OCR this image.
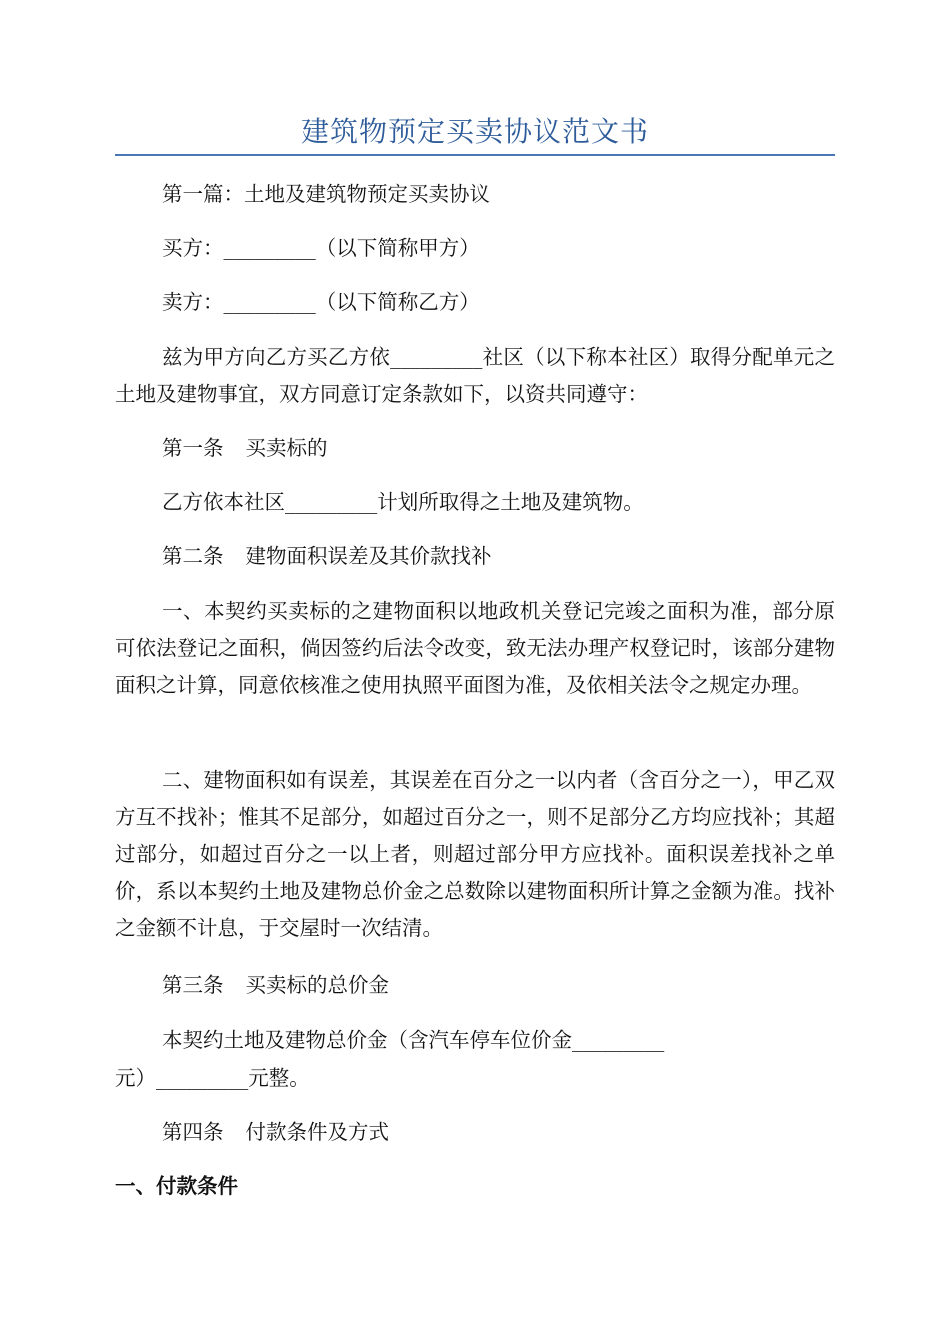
建筑物预定买卖协议范文书

第一篇：土地及建筑物预定买卖协议

买方：_________（以下简称甲方）

卖方：_________（以下简称乙方）

兹为甲方向乙方买乙方依_________社区（以下称本社区）取得分配单元之土地及建物事宜，双方同意订定条款如下，以资共同遵守：

第一条 买卖标的

乙方依本社区_________计划所取得之土地及建筑物。

第二条 建物面积误差及其价款找补

一、本契约买卖标的之建物面积以地政机关登记完竣之面积为准，部分原可依法登记之面积，倘因签约后法令改变，致无法办理产权登记时，该部分建物面积之计算，同意依核准之使用执照平面图为准，及依相关法令之规定办理。

二、建物面积如有误差，其误差在百分之一以内者（含百分之一），甲乙双方互不找补；惟其不足部分，如超过百分之一，则不足部分乙方均应找补；其超过部分，如超过百分之一以上者，则超过部分甲方应找补。面积误差找补之单价，系以本契约土地及建物总价金之总数除以建物面积所计算之金额为准。找补之金额不计息，于交屋时一次结清。

第三条 买卖标的总价金

本契约土地及建物总价金（含汽车停车位价金_________

元）_________元整。

第四条 付款条件及方式

一、付款条件
